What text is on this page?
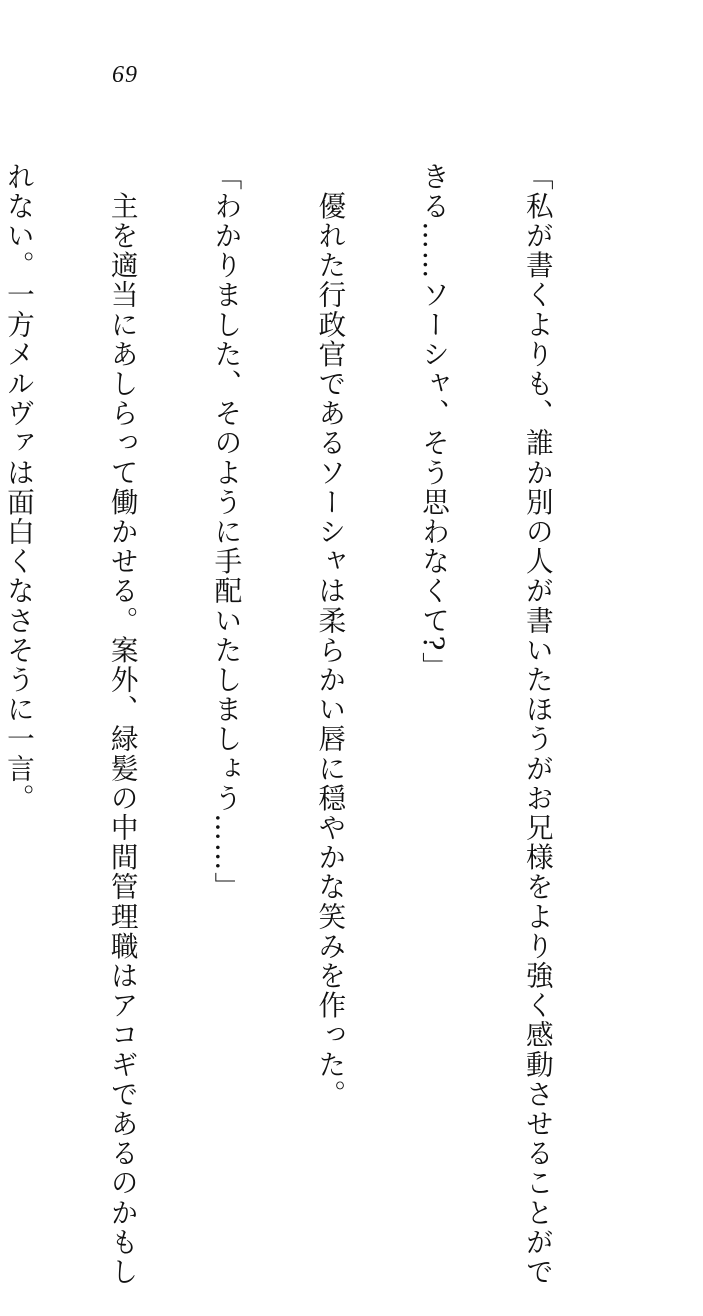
69

「私が書くよりも、誰か別の人が書いたほうがお兄様をより強く感動させることがで

きる……ソーシャ、そう思わなくて?」

　優れた行政官であるソーシャは柔らかい唇に穏やかな笑みを作った。

「わかりました、そのように手配いたしましょう……」

　主を適当にあしらって働かせる。案外、緑髪の中間管理職はアコギであるのかもし

れない。一方メルヴァは面白くなさそうに一言。
